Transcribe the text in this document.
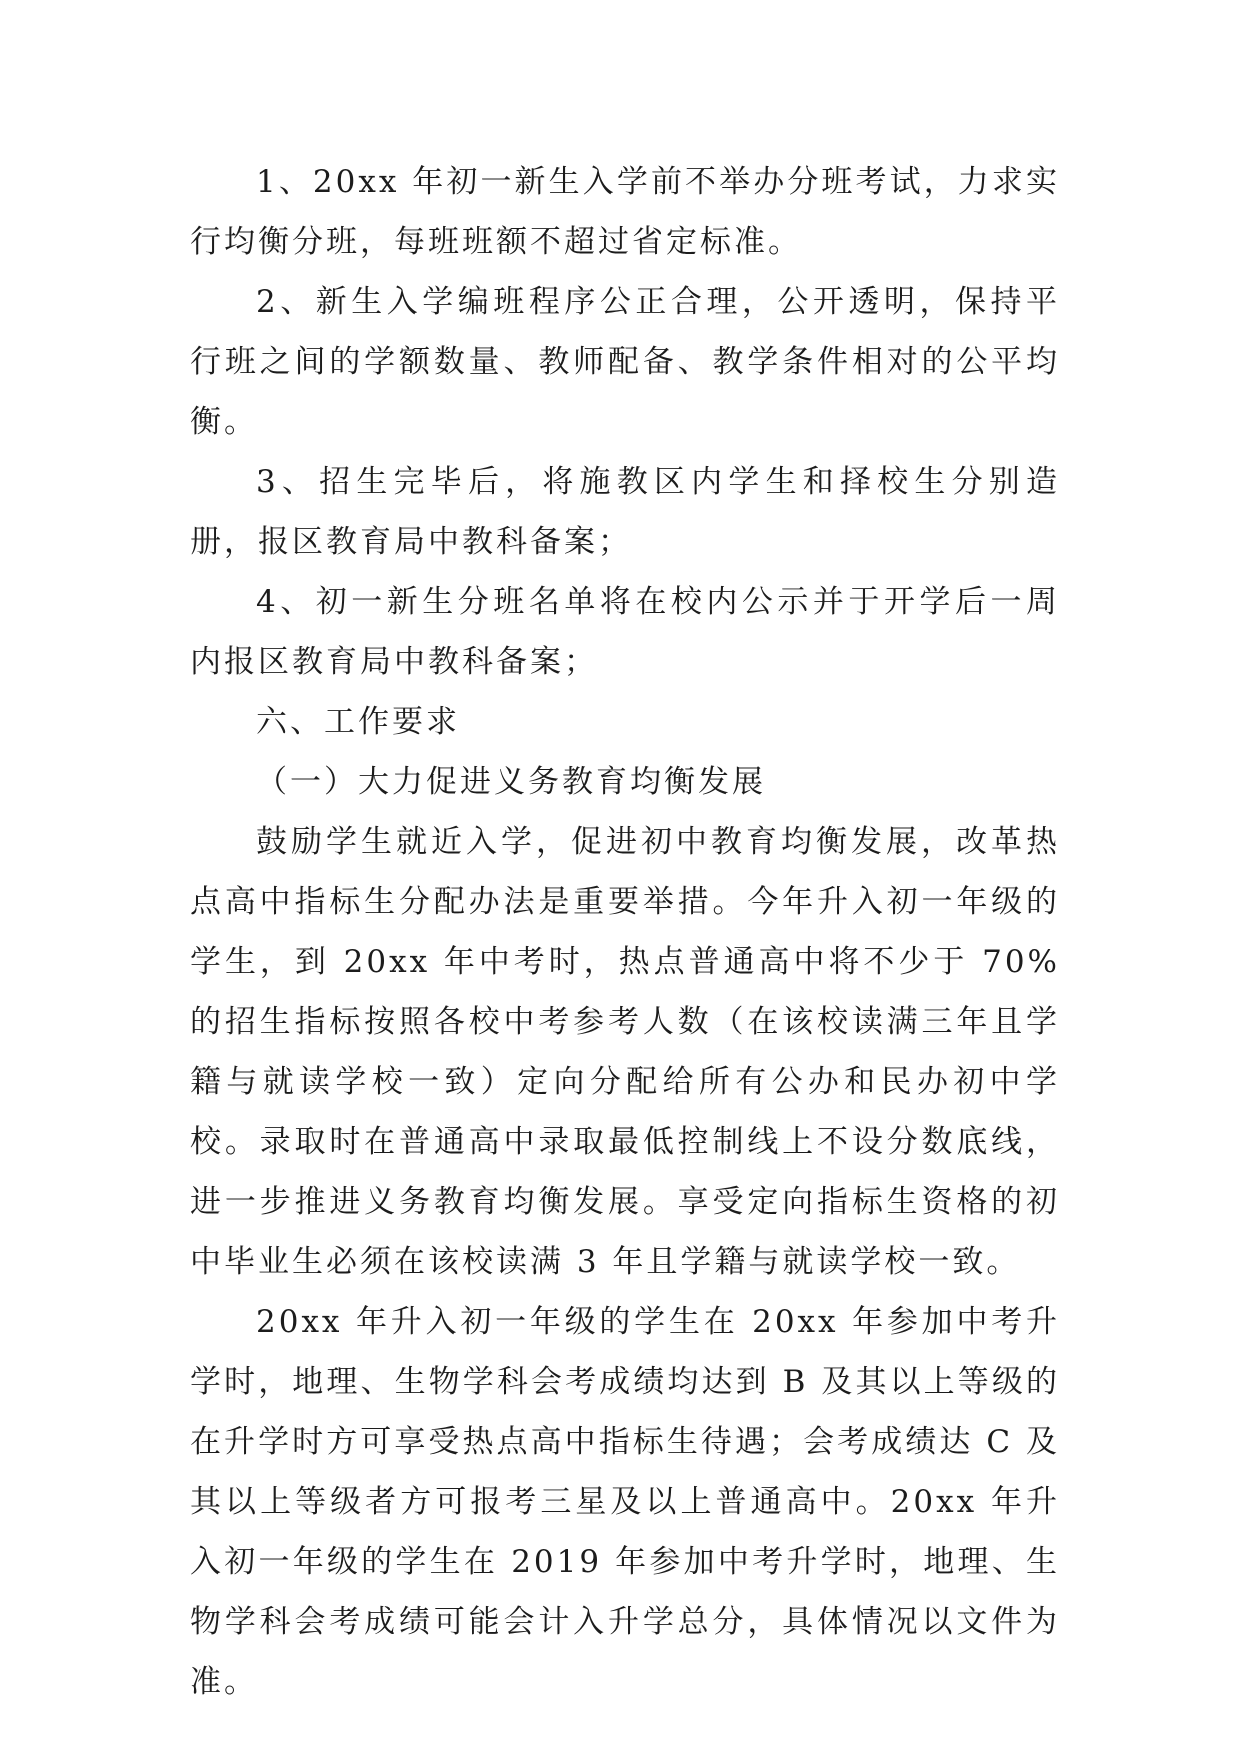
1、20xx 年初一新生入学前不举办分班考试，力求实行均衡分班，每班班额不超过省定标准。

2、新生入学编班程序公正合理，公开透明，保持平行班之间的学额数量、教师配备、教学条件相对的公平均衡。

3、招生完毕后，将施教区内学生和择校生分别造册，报区教育局中教科备案；

4、初一新生分班名单将在校内公示并于开学后一周内报区教育局中教科备案；

六、工作要求

（一）大力促进义务教育均衡发展

鼓励学生就近入学，促进初中教育均衡发展，改革热点高中指标生分配办法是重要举措。今年升入初一年级的学生，到 20xx 年中考时，热点普通高中将不少于 70%的招生指标按照各校中考参考人数（在该校读满三年且学籍与就读学校一致）定向分配给所有公办和民办初中学校。录取时在普通高中录取最低控制线上不设分数底线，进一步推进义务教育均衡发展。享受定向指标生资格的初中毕业生必须在该校读满 3 年且学籍与就读学校一致。

20xx 年升入初一年级的学生在 20xx 年参加中考升学时，地理、生物学科会考成绩均达到 B 及其以上等级的在升学时方可享受热点高中指标生待遇；会考成绩达 C 及其以上等级者方可报考三星及以上普通高中。20xx 年升入初一年级的学生在 2019 年参加中考升学时，地理、生物学科会考成绩可能会计入升学总分，具体情况以文件为准。
